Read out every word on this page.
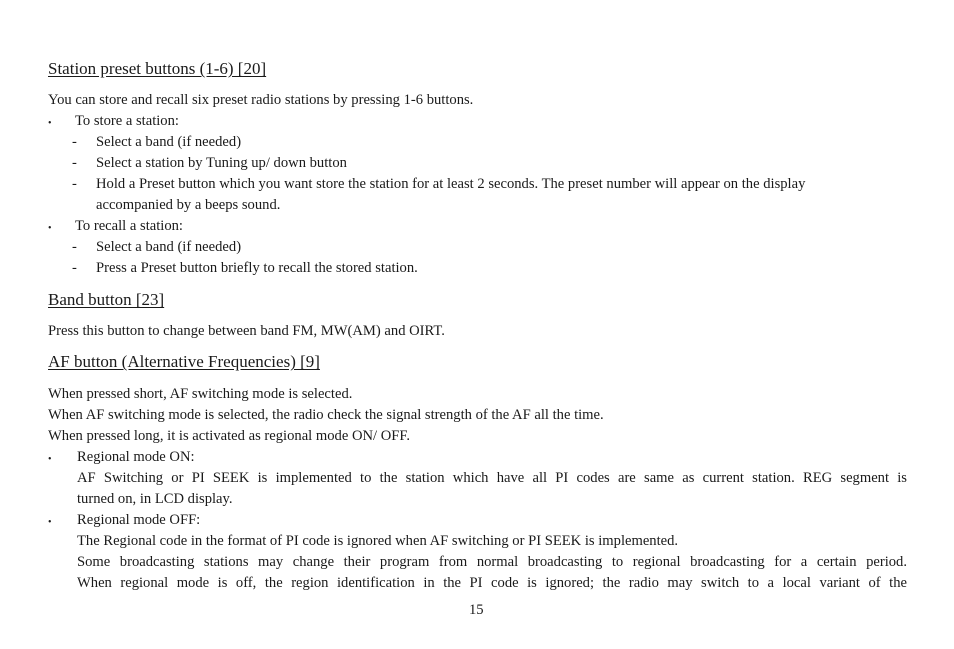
Station preset buttons (1-6) [20]
You can store and recall six preset radio stations by pressing 1-6 buttons.
• To store a station:
- Select a band (if needed)
- Select a station by Tuning up/ down button
- Hold a Preset button which you want store the station for at least 2 seconds. The preset number will appear on the display
accompanied by a beeps sound.
• To recall a station:
- Select a band (if needed)
- Press a Preset button briefly to recall the stored station.
Band button [23]
Press this button to change between band FM, MW(AM) and OIRT.
AF button (Alternative Frequencies) [9]
When pressed short, AF switching mode is selected.
When AF switching mode is selected, the radio check the signal strength of the AF all the time.
When pressed long, it is activated as regional mode ON/ OFF.
• Regional mode ON:
AF Switching or PI SEEK is implemented to the station which have all PI codes are same as current station. REG segment is
turned on, in LCD display.
• Regional mode OFF:
The Regional code in the format of PI code is ignored when AF switching or PI SEEK is implemented.
Some broadcasting stations may change their program from normal broadcasting to regional broadcasting for a certain period.
When regional mode is off, the region identification in the PI code is ignored; the radio may switch to a local variant of the
15
